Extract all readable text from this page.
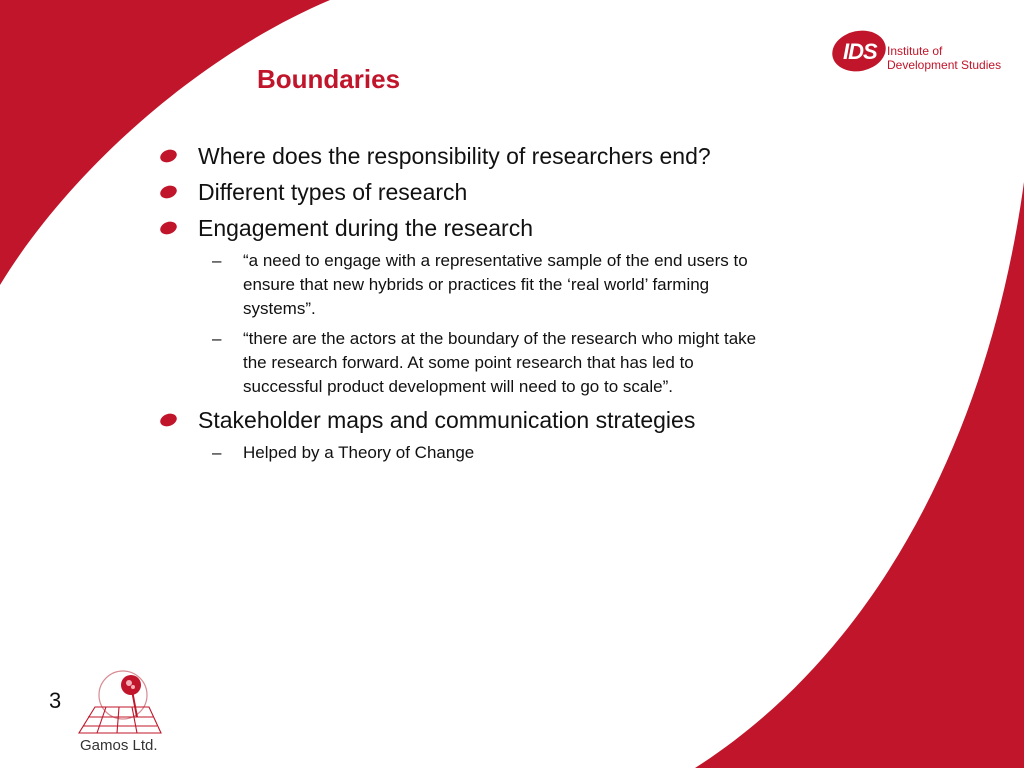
IDS Institute of
Development Studies
Boundaries
Where does the responsibility of researchers end?
Different types of research
Engagement during the research
– “a need to engage with a representative sample of the end users to ensure that new hybrids or practices fit the ‘real world’ farming systems”.
– “there are the actors at the boundary of the research who might take the research forward. At some point research that has led to successful product development will need to go to scale”.
Stakeholder maps and communication strategies
– Helped by a Theory of Change
3
Gamos Ltd.
